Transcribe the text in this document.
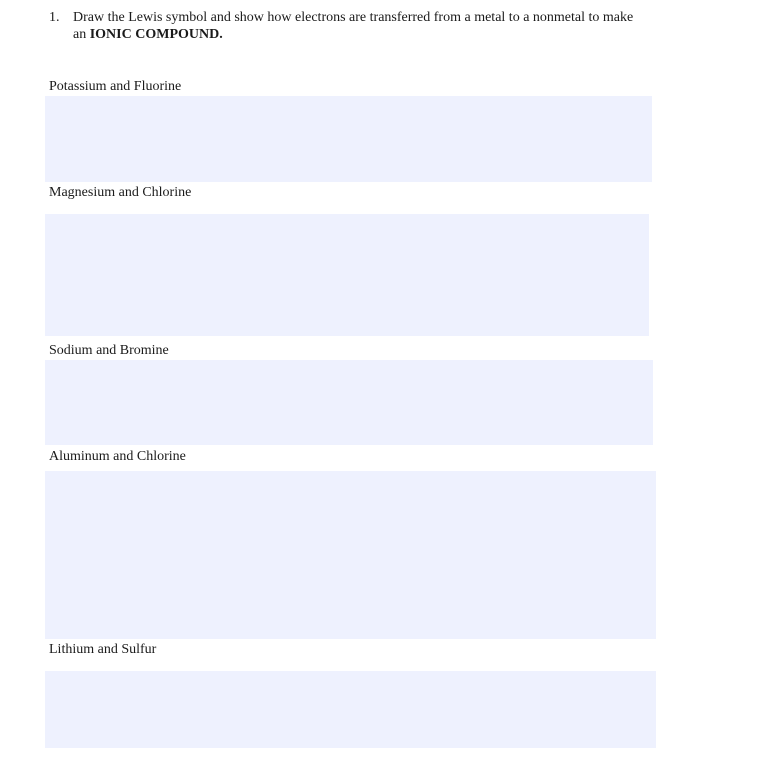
1. Draw the Lewis symbol and show how electrons are transferred from a metal to a nonmetal to make
an IONIC COMPOUND.
Potassium and Fluorine
Magnesium and Chlorine
Sodium and Bromine
Aluminum and Chlorine
Lithium and Sulfur
